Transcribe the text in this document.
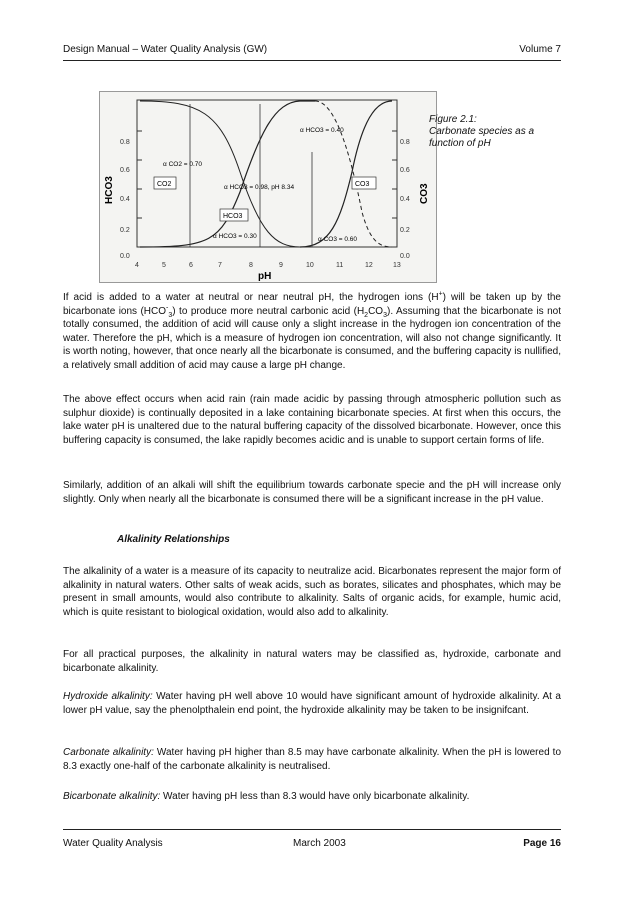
Design Manual – Water Quality Analysis (GW)	Volume 7
0.0
0.2
0.4
0.6
0.8
0.0
0.2
0.4
0.6
0.8
HCO3	CO3
4	5	6	7	8	9	10	11	12	13
pH
CO2
HCO3
CO3
α CO2 = 0.70
α HCO3 = 0.30
α HCO3 = 0.98, pH 8.34
α HCO3 = 0.40
α CO3 = 0.60
Figure 2.1:
Carbonate species as a
function of pH

If acid is added to a water at neutral or near neutral pH, the hydrogen ions (H+) will be taken up by the bicarbonate ions $(HCO^-_3)$ to produce more neutral carbonic acid $(H_2CO_3)$. Assuming that the bicarbonate is not totally consumed, the addition of acid will cause only a slight increase in the hydrogen ion concentration of the water. Therefore the pH, which is a measure of hydrogen ion concentration, will also not change significantly. It is worth noting, however, that once nearly all the bicarbonate is consumed, and the buffering capacity is nullified, a relatively small addition of acid may cause a large pH change.

The above effect occurs when acid rain (rain made acidic by passing through atmospheric pollution such as sulphur dioxide) is continually deposited in a lake containing bicarbonate species. At first when this occurs, the lake water pH is unaltered due to the natural buffering capacity of the dissolved bicarbonate. However, once this buffering capacity is consumed, the lake rapidly becomes acidic and is unable to support certain forms of life.

Similarly, addition of an alkali will shift the equilibrium towards carbonate specie and the pH will increase only slightly. Only when nearly all the bicarbonate is consumed there will be a significant increase in the pH value.

Alkalinity Relationships

The alkalinity of a water is a measure of its capacity to neutralize acid. Bicarbonates represent the major form of alkalinity in natural waters. Other salts of weak acids, such as borates, silicates and phosphates, which may be present in small amounts, would also contribute to alkalinity. Salts of organic acids, for example, humic acid, which is quite resistant to biological oxidation, would also add to alkalinity.

For all practical purposes, the alkalinity in natural waters may be classified as, hydroxide, carbonate and bicarbonate alkalinity.

Hydroxide alkalinity: Water having pH well above 10 would have significant amount of hydroxide alkalinity. At a lower pH value, say the phenolpthalein end point, the hydroxide alkalinity may be taken to be insignifcant.

Carbonate alkalinity: Water having pH higher than 8.5 may have carbonate alkalinity. When the pH is lowered to 8.3 exactly one-half of the carbonate alkalinity is neutralised.

Bicarbonate alkalinity: Water having pH less than 8.3 would have only bicarbonate alkalinity.

Water Quality Analysis	March 2003	Page 16
